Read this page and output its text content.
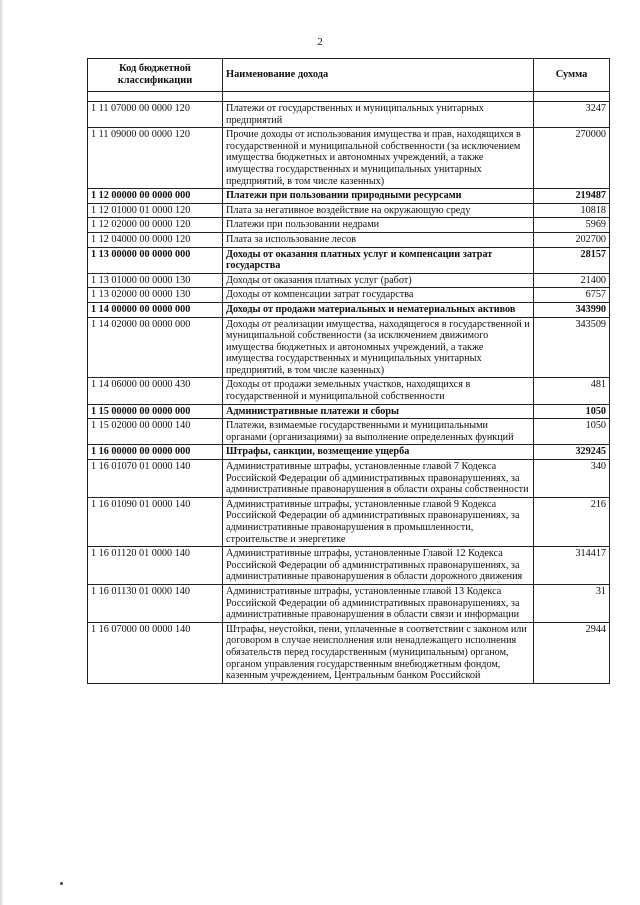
2
Код бюджетной классификации	Наименование дохода	Сумма

1 11 07000 00 0000 120	Платежи от государственных и муниципальных унитарных предприятий	3247
1 11 09000 00 0000 120	Прочие доходы от использования имущества и прав, находящихся в государственной и муниципальной собственности (за исключением имущества бюджетных и автономных учреждений, а также имущества государственных и муниципальных унитарных предприятий, в том числе казенных)	270000
1 12 00000 00 0000 000	Платежи при пользовании природными ресурсами	219487
1 12 01000 01 0000 120	Плата за негативное воздействие на окружающую среду	10818
1 12 02000 00 0000 120	Платежи при пользовании недрами	5969
1 12 04000 00 0000 120	Плата за использование лесов	202700
1 13 00000 00 0000 000	Доходы от оказания платных услуг и компенсации затрат государства	28157
1 13 01000 00 0000 130	Доходы от оказания платных услуг (работ)	21400
1 13 02000 00 0000 130	Доходы от компенсации затрат государства	6757
1 14 00000 00 0000 000	Доходы от продажи материальных и нематериальных активов	343990
1 14 02000 00 0000 000	Доходы от реализации имущества, находящегося в государственной и муниципальной собственности (за исключением движимого имущества бюджетных и автономных учреждений, а также имущества государственных и муниципальных унитарных предприятий, в том числе казенных)	343509
1 14 06000 00 0000 430	Доходы от продажи земельных участков, находящихся в государственной и муниципальной собственности	481
1 15 00000 00 0000 000	Административные платежи и сборы	1050
1 15 02000 00 0000 140	Платежи, взимаемые государственными и муниципальными органами (организациями) за выполнение определенных функций	1050
1 16 00000 00 0000 000	Штрафы, санкции, возмещение ущерба	329245
1 16 01070 01 0000 140	Административные штрафы, установленные главой 7 Кодекса Российской Федерации об административных правонарушениях, за административные правонарушения в области охраны собственности	340
1 16 01090 01 0000 140	Административные штрафы, установленные главой 9 Кодекса Российской Федерации об административных правонарушениях, за административные правонарушения в промышленности, строительстве и энергетике	216
1 16 01120 01 0000 140	Административные штрафы, установленные Главой 12 Кодекса Российской Федерации об административных правонарушениях, за административные правонарушения в области дорожного движения	314417
1 16 01130 01 0000 140	Административные штрафы, установленные главой 13 Кодекса Российской Федерации об административных правонарушениях, за административные правонарушения в области связи и информации	31
1 16 07000 00 0000 140	Штрафы, неустойки, пени, уплаченные в соответствии с законом или договором в случае неисполнения или ненадлежащего исполнения обязательств перед государственным (муниципальным) органом, органом управления государственным внебюджетным фондом, казенным учреждением, Центральным банком Российской	2944
